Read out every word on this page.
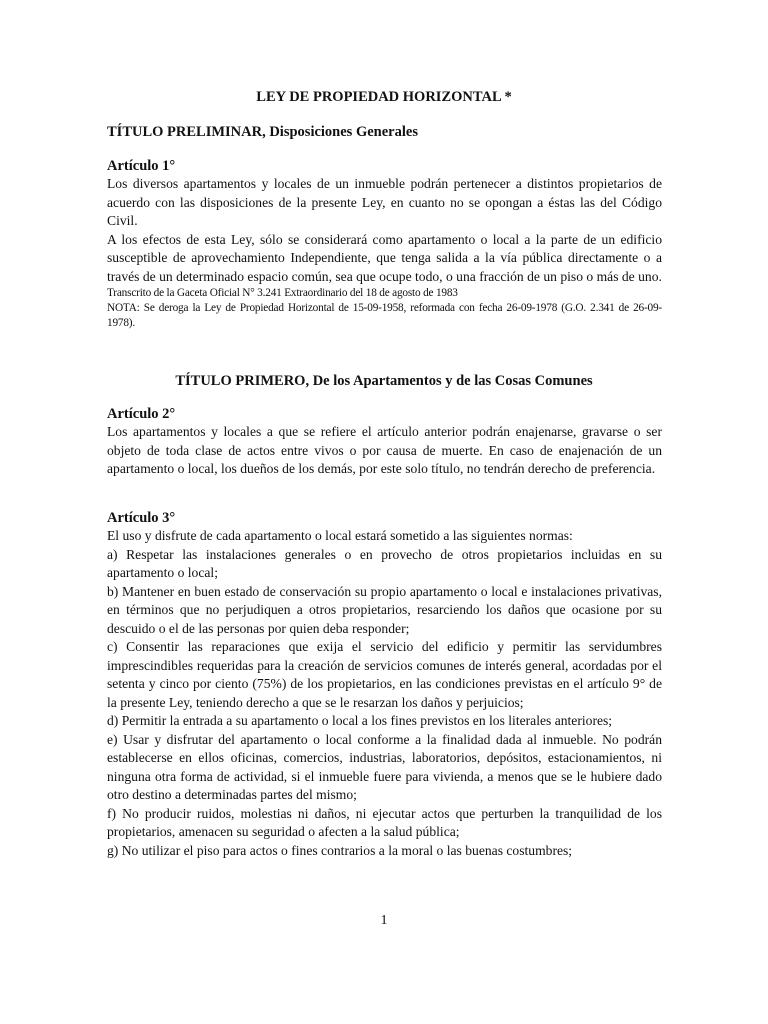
LEY DE PROPIEDAD HORIZONTAL *
TÍTULO PRELIMINAR, Disposiciones Generales
Artículo 1°

Los diversos apartamentos y locales de un inmueble podrán pertenecer a distintos propietarios de acuerdo con las disposiciones de la presente Ley, en cuanto no se opongan a éstas las del Código Civil.

A los efectos de esta Ley, sólo se considerará como apartamento o local a la parte de un edificio susceptible de aprovechamiento Independiente, que tenga salida a la vía pública directamente o a través de un determinado espacio común, sea que ocupe todo, o una fracción de un piso o más de uno.

Transcrito de la Gaceta Oficial N° 3.241 Extraordinario del 18 de agosto de 1983

NOTA: Se deroga la Ley de Propiedad Horizontal de 15-09-1958, reformada con fecha 26-09-1978 (G.O. 2.341 de 26-09-1978).

TÍTULO PRIMERO, De los Apartamentos y de las Cosas Comunes
Artículo 2°

Los apartamentos y locales a que se refiere el artículo anterior podrán enajenarse, gravarse o ser objeto de toda clase de actos entre vivos o por causa de muerte. En caso de enajenación de un apartamento o local, los dueños de los demás, por este solo título, no tendrán derecho de preferencia.

Artículo 3°

El uso y disfrute de cada apartamento o local estará sometido a las siguientes normas:

a) Respetar las instalaciones generales o en provecho de otros propietarios incluidas en su apartamento o local;

b) Mantener en buen estado de conservación su propio apartamento o local e instalaciones privativas, en términos que no perjudiquen a otros propietarios, resarciendo los daños que ocasione por su descuido o el de las personas por quien deba responder;

c) Consentir las reparaciones que exija el servicio del edificio y permitir las servidumbres imprescindibles requeridas para la creación de servicios comunes de interés general, acordadas por el setenta y cinco por ciento (75%) de los propietarios, en las condiciones previstas en el artículo 9° de la presente Ley, teniendo derecho a que se le resarzan los daños y perjuicios;

d) Permitir la entrada a su apartamento o local a los fines previstos en los literales anteriores;

e) Usar y disfrutar del apartamento o local conforme a la finalidad dada al inmueble. No podrán establecerse en ellos oficinas, comercios, industrias, laboratorios, depósitos, estacionamientos, ni ninguna otra forma de actividad, si el inmueble fuere para vivienda, a menos que se le hubiere dado otro destino a determinadas partes del mismo;

f) No producir ruidos, molestias ni daños, ni ejecutar actos que perturben la tranquilidad de los propietarios, amenacen su seguridad o afecten a la salud pública;

g) No utilizar el piso para actos o fines contrarios a la moral o las buenas costumbres;

1
